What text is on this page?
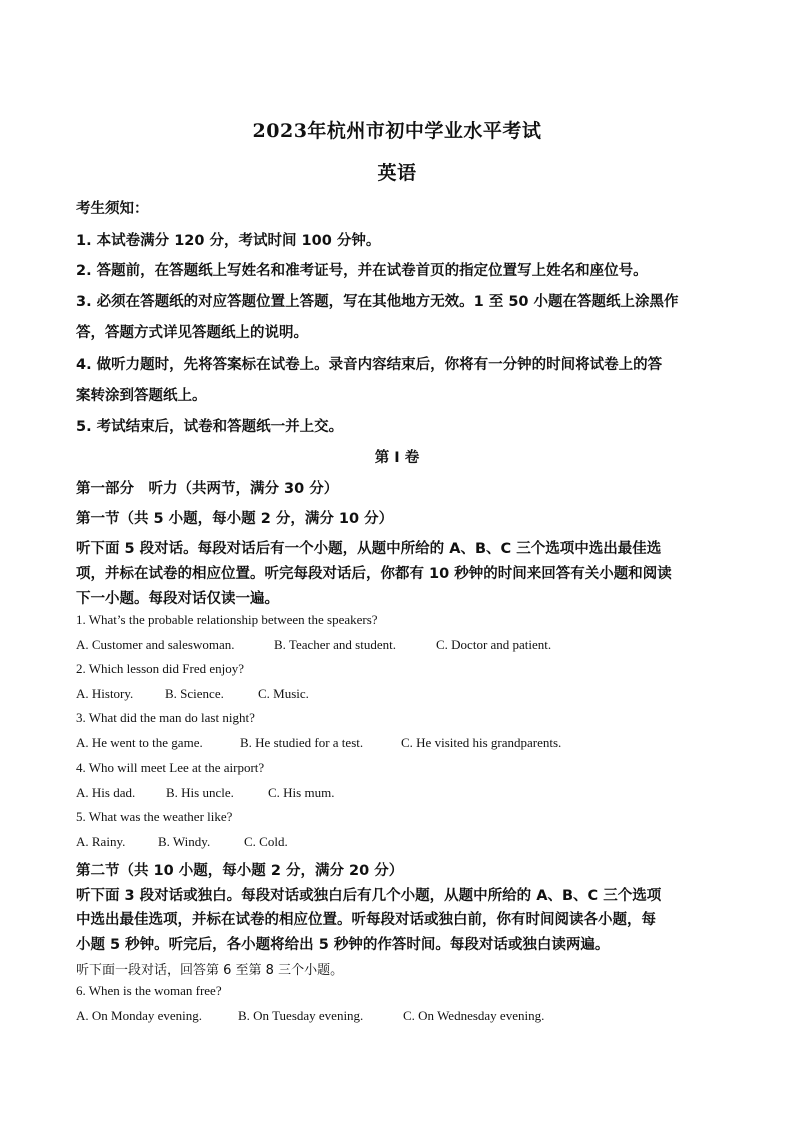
2023年杭州市初中学业水平考试
英语
考生须知：
1. 本试卷满分 120 分，考试时间 100 分钟。
2. 答题前，在答题纸上写姓名和准考证号，并在试卷首页的指定位置写上姓名和座位号。
3. 必须在答题纸的对应答题位置上答题，写在其他地方无效。1 至 50 小题在答题纸上涂黑作
答，答题方式详见答题纸上的说明。
4. 做听力题时，先将答案标在试卷上。录音内容结束后，你将有一分钟的时间将试卷上的答
案转涂到答题纸上。
5. 考试结束后，试卷和答题纸一并上交。
第 I 卷
第一部分　听力（共两节，满分 30 分）
第一节（共 5 小题，每小题 2 分，满分 10 分）
听下面 5 段对话。每段对话后有一个小题，从题中所给的 A、B、C 三个选项中选出最佳选
项，并标在试卷的相应位置。听完每段对话后，你都有 10 秒钟的时间来回答有关小题和阅读
下一小题。每段对话仅读一遍。
1. What’s the probable relationship between the speakers?
A. Customer and saleswoman.	B. Teacher and student.	C. Doctor and patient.
2. Which lesson did Fred enjoy?
A. History. B. Science.	C. Music.
3. What did the man do last night?
A. He went to the game.	B. He studied for a test.	C. He visited his grandparents.
4. Who will meet Lee at the airport?
A. His dad. B. His uncle.	C. His mum.
5. What was the weather like?
A. Rainy.	B. Windy.	C. Cold.
第二节（共 10 小题，每小题 2 分，满分 20 分）
听下面 3 段对话或独白。每段对话或独白后有几个小题，从题中所给的 A、B、C 三个选项
中选出最佳选项，并标在试卷的相应位置。听每段对话或独白前，你有时间阅读各小题，每
小题 5 秒钟。听完后，各小题将给出 5 秒钟的作答时间。每段对话或独白读两遍。
听下面一段对话，回答第 6 至第 8 三个小题。
6. When is the woman free?
A. On Monday evening.	B. On Tuesday evening.	C. On Wednesday evening.
